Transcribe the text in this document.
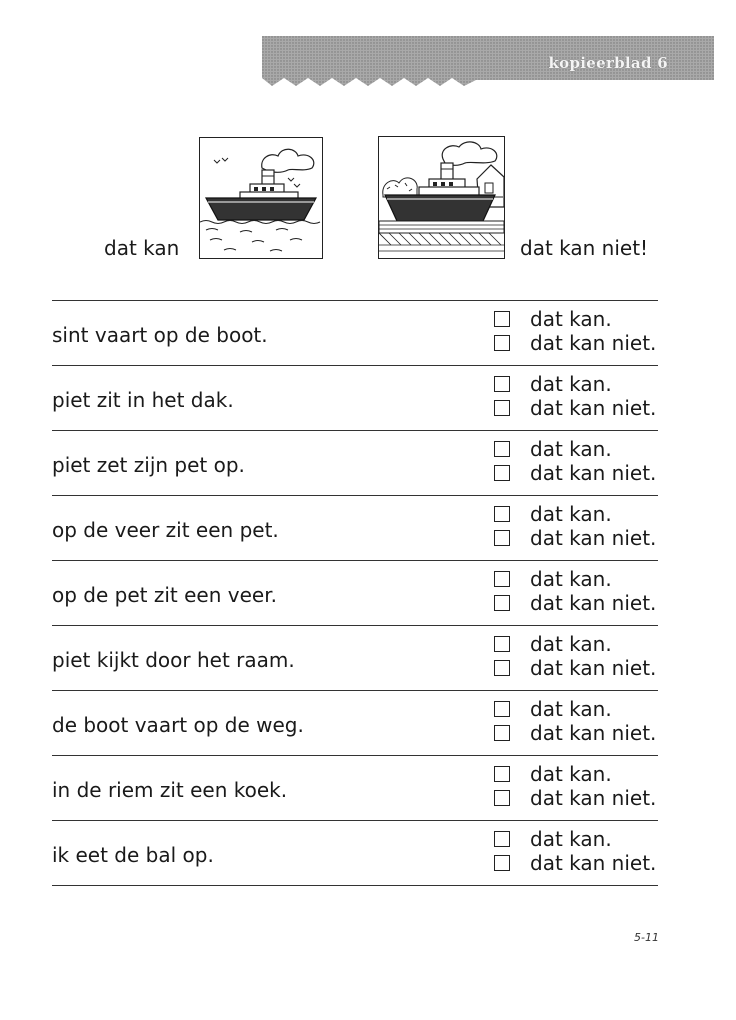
kopieerblad 6
dat kan	dat kan niet!
sint vaart op de boot.
dat kan.
dat kan niet.
piet zit in het dak.
dat kan.
dat kan niet.
piet zet zijn pet op.
dat kan.
dat kan niet.
op de veer zit een pet.
dat kan.
dat kan niet.
op de pet zit een veer.
dat kan.
dat kan niet.
piet kijkt door het raam.
dat kan.
dat kan niet.
de boot vaart op de weg.
dat kan.
dat kan niet.
in de riem zit een koek.
dat kan.
dat kan niet.
ik eet de bal op.
dat kan.
dat kan niet.
5-11
